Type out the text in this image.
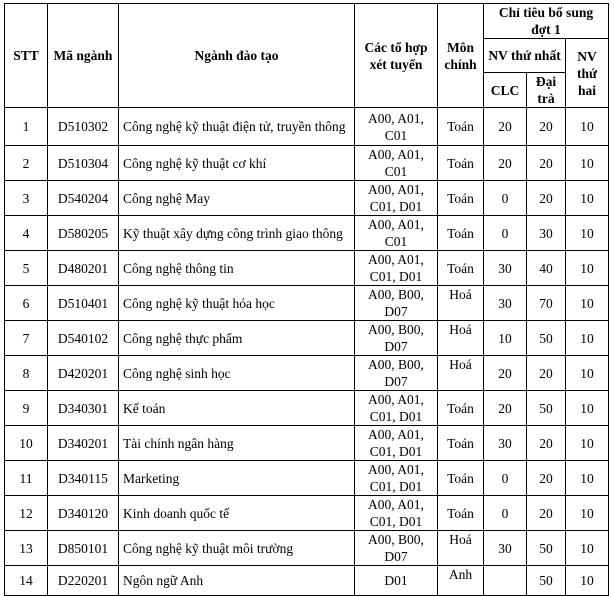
STT	Mã ngành	Ngành đào tạo	Các tổ hợp xét tuyển	Môn chính	Chỉ tiêu bổ sung đợt 1		
					NV thứ nhất		NV thứ hai
					CLC	Đại trà	
1	D510302	Công nghệ kỹ thuật điện tử, truyền thông	A00, A01, C01	Toán	20	20	10
2	D510304	Công nghệ kỹ thuật cơ khí	A00, A01, C01	Toán	20	20	10
3	D540204	Công nghệ May	A00, A01, C01, D01	Toán	0	20	10
4	D580205	Kỹ thuật xây dựng công trình giao thông	A00, A01, C01	Toán	0	30	10
5	D480201	Công nghệ thông tin	A00, A01, C01, D01	Toán	30	40	10
6	D510401	Công nghệ kỹ thuật hóa học	A00, B00, D07	Hoá	30	70	10
7	D540102	Công nghệ thực phẩm	A00, B00, D07	Hoá	10	50	10
8	D420201	Công nghệ sinh học	A00, B00, D07	Hoá	20	20	10
9	D340301	Kế toán	A00, A01, C01, D01	Toán	20	50	10
10	D340201	Tài chính ngân hàng	A00, A01, C01, D01	Toán	30	20	10
11	D340115	Marketing	A00, A01, C01, D01	Toán	0	20	10
12	D340120	Kinh doanh quốc tế	A00, A01, C01, D01	Toán	0	20	10
13	D850101	Công nghệ kỹ thuật môi trường	A00, B00, D07	Hoá	30	50	10
14	D220201	Ngôn ngữ Anh	D01	Anh		50	10
